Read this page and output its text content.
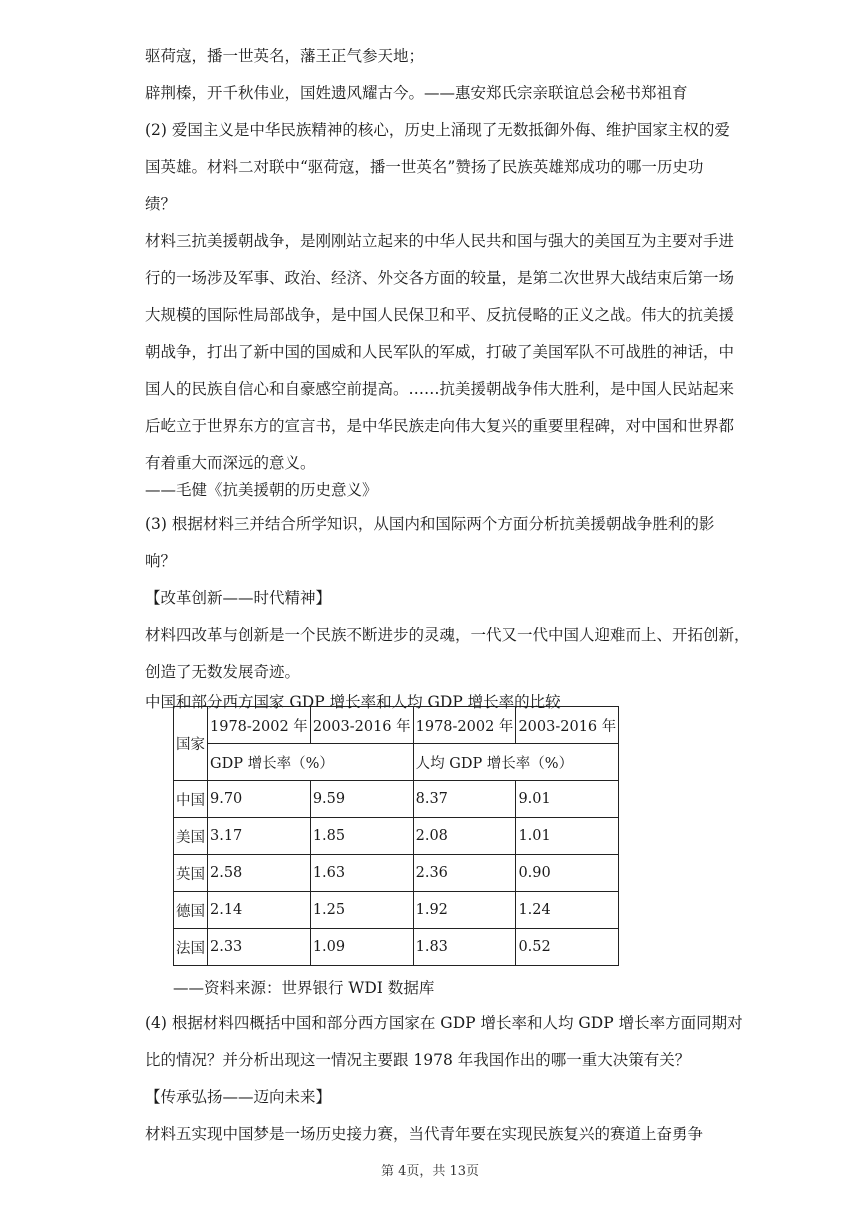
驱荷寇，播一世英名，藩王正气参天地；
辟荆榛，开千秋伟业，国姓遗风耀古今。——惠安郑氏宗亲联谊总会秘书郑祖育
(2) 爱国主义是中华民族精神的核心，历史上涌现了无数抵御外侮、维护国家主权的爱
国英雄。材料二对联中“驱荷寇，播一世英名”赞扬了民族英雄郑成功的哪一历史功
绩？
材料三抗美援朝战争，是刚刚站立起来的中华人民共和国与强大的美国互为主要对手进
行的一场涉及军事、政治、经济、外交各方面的较量，是第二次世界大战结束后第一场
大规模的国际性局部战争，是中国人民保卫和平、反抗侵略的正义之战。伟大的抗美援
朝战争，打出了新中国的国威和人民军队的军威，打破了美国军队不可战胜的神话，中
国人的民族自信心和自豪感空前提高。……抗美援朝战争伟大胜利，是中国人民站起来
后屹立于世界东方的宣言书，是中华民族走向伟大复兴的重要里程碑，对中国和世界都
有着重大而深远的意义。
——毛健《抗美援朝的历史意义》
(3) 根据材料三并结合所学知识，从国内和国际两个方面分析抗美援朝战争胜利的影
响？
【改革创新——时代精神】
材料四改革与创新是一个民族不断进步的灵魂，一代又一代中国人迎难而上、开拓创新，
创造了无数发展奇迹。
中国和部分西方国家 GDP 增长率和人均 GDP 增长率的比较
国家	1978-2002 年	2003-2016 年	1978-2002 年	2003-2016 年
	GDP 增长率（%）		人均 GDP 增长率（%）	
中国	9.70	9.59	8.37	9.01
美国	3.17	1.85	2.08	1.01
英国	2.58	1.63	2.36	0.90
德国	2.14	1.25	1.92	1.24
法国	2.33	1.09	1.83	0.52
——资料来源：世界银行 WDI 数据库
(4) 根据材料四概括中国和部分西方国家在 GDP 增长率和人均 GDP 增长率方面同期对
比的情况？并分析出现这一情况主要跟 1978 年我国作出的哪一重大决策有关？
【传承弘扬——迈向未来】
材料五实现中国梦是一场历史接力赛，当代青年要在实现民族复兴的赛道上奋勇争
第 4页，共 13页
